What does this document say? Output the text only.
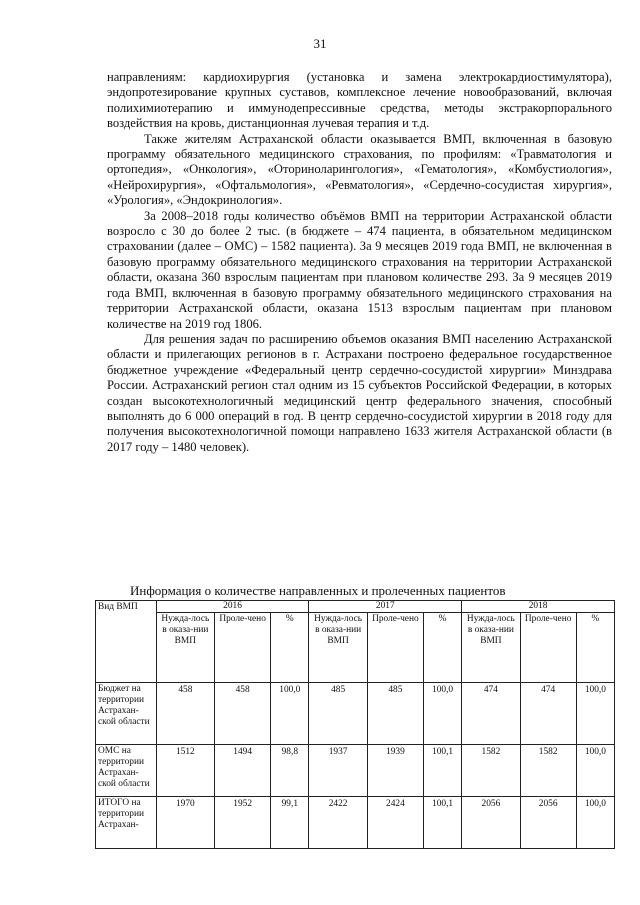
31

направлениям: кардиохирургия (установка и замена электрокардиостимулятора), эндопротезирование крупных суставов, комплексное лечение новообразований, включая полихимиотерапию и иммунодепрессивные средства, методы экстракорпорального воздействия на кровь, дистанционная лучевая терапия и т.д.

Также жителям Астраханской области оказывается ВМП, включенная в базовую программу обязательного медицинского страхования, по профилям: «Травматология и ортопедия», «Онкология», «Оториноларингология», «Гематология», «Комбустиология», «Нейрохирургия», «Офтальмология», «Ревматология», «Сердечно-сосудистая хирургия», «Урология», «Эндокринология».

За 2008–2018 годы количество объёмов ВМП на территории Астраханской области возросло с 30 до более 2 тыс. (в бюджете – 474 пациента, в обязательном медицинском страховании (далее – ОМС) – 1582 пациента). За 9 месяцев 2019 года ВМП, не включенная в базовую программу обязательного медицинского страхования на территории Астраханской области, оказана 360 взрослым пациентам при плановом количестве 293. За 9 месяцев 2019 года ВМП, включенная в базовую программу обязательного медицинского страхования на территории Астраханской области, оказана 1513 взрослым пациентам при плановом количестве на 2019 год 1806.

Для решения задач по расширению объемов оказания ВМП населению Астраханской области и прилегающих регионов в г. Астрахани построено федеральное государственное бюджетное учреждение «Федеральный центр сердечно-сосудистой хирургии» Минздрава России. Астраханский регион стал одним из 15 субъектов Российской Федерации, в которых создан высокотехнологичный медицинский центр федерального значения, способный выполнять до 6 000 операций в год. В центр сердечно-сосудистой хирургии в 2018 году для получения высокотехнологичной помощи направлено 1633 жителя Астраханской области (в 2017 году – 1480 человек).

Информация о количестве направленных и пролеченных пациентов
Вид ВМП	2016			2017			2018		
	Нужда-лось в оказа-нии ВМП	Проле-чено	%	Нужда-лось в оказа-нии ВМП	Проле-чено	%	Нужда-лось в оказа-нии ВМП	Проле-чено	%
Бюджет на территории Астрахан-ской области	458	458	100,0	485	485	100,0	474	474	100,0
ОМС на территории Астрахан-ской области	1512	1494	98,8	1937	1939	100,1	1582	1582	100,0
ИТОГО на территории Астрахан-	1970	1952	99,1	2422	2424	100,1	2056	2056	100,0
